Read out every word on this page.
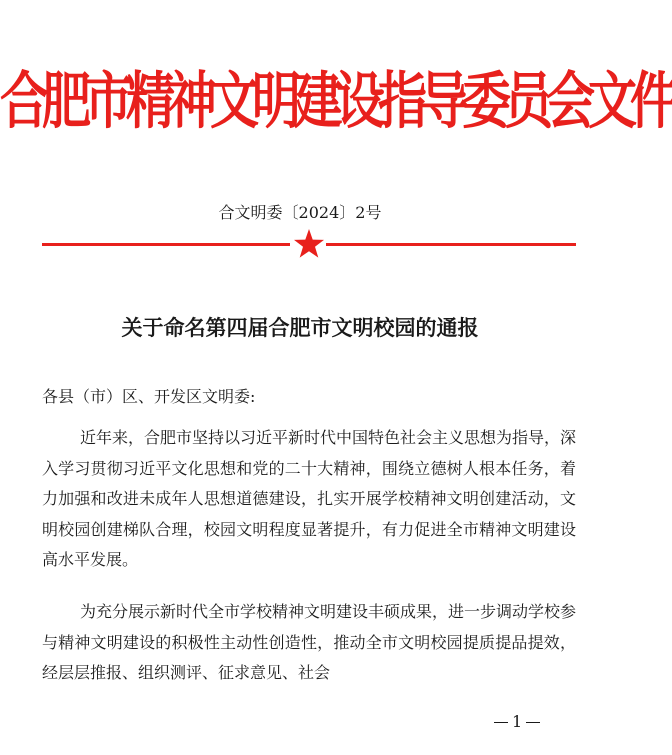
合肥市精神文明建设指导委员会文件
合文明委〔2024〕2号
关于命名第四届合肥市文明校园的通报
各县（市）区、开发区文明委:
近年来，合肥市坚持以习近平新时代中国特色社会主义思想为指导，深入学习贯彻习近平文化思想和党的二十大精神，围绕立德树人根本任务，着力加强和改进未成年人思想道德建设，扎实开展学校精神文明创建活动，文明校园创建梯队合理，校园文明程度显著提升，有力促进全市精神文明建设高水平发展。
为充分展示新时代全市学校精神文明建设丰硕成果，进一步调动学校参与精神文明建设的积极性主动性创造性，推动全市文明校园提质提品提效，经层层推报、组织测评、征求意见、社会
1
